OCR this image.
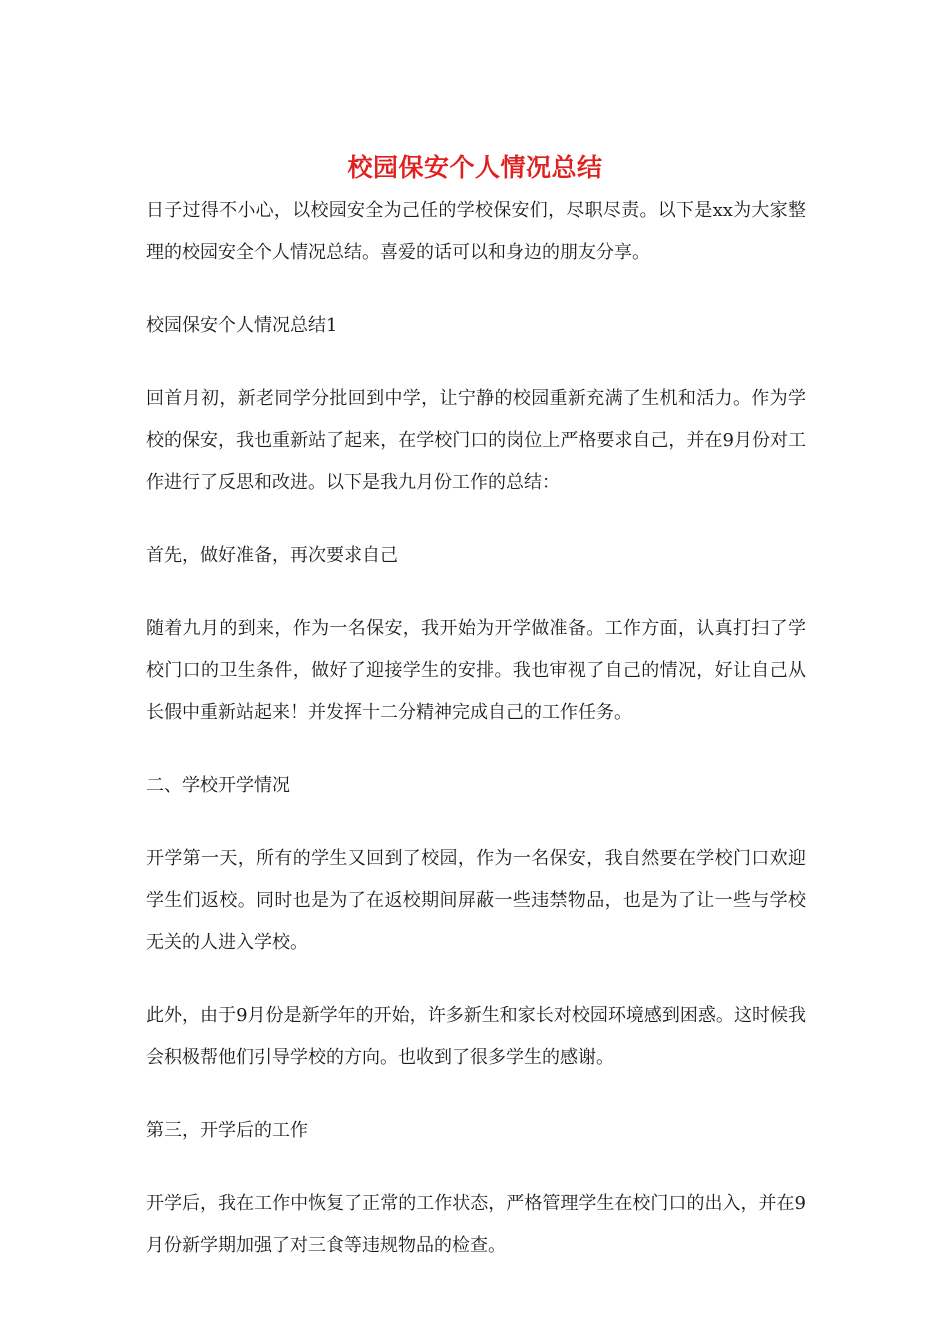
校园保安个人情况总结

日子过得不小心，以校园安全为己任的学校保安们，尽职尽责。以下是xx为大家整理的校园安全个人情况总结。喜爱的话可以和身边的朋友分享。

校园保安个人情况总结1

回首月初，新老同学分批回到中学，让宁静的校园重新充满了生机和活力。作为学校的保安，我也重新站了起来，在学校门口的岗位上严格要求自己，并在9月份对工作进行了反思和改进。以下是我九月份工作的总结：

首先，做好准备，再次要求自己

随着九月的到来，作为一名保安，我开始为开学做准备。工作方面，认真打扫了学校门口的卫生条件，做好了迎接学生的安排。我也审视了自己的情况，好让自己从长假中重新站起来！并发挥十二分精神完成自己的工作任务。

二、学校开学情况

开学第一天，所有的学生又回到了校园，作为一名保安，我自然要在学校门口欢迎学生们返校。同时也是为了在返校期间屏蔽一些违禁物品，也是为了让一些与学校无关的人进入学校。

此外，由于9月份是新学年的开始，许多新生和家长对校园环境感到困惑。这时候我会积极帮他们引导学校的方向。也收到了很多学生的感谢。

第三，开学后的工作

开学后，我在工作中恢复了正常的工作状态，严格管理学生在校门口的出入，并在9月份新学期加强了对三食等违规物品的检查。
